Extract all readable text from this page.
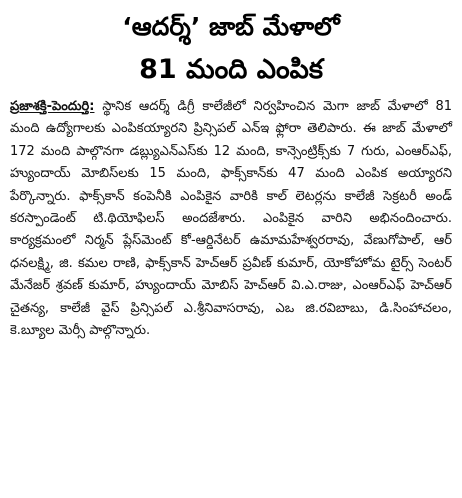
‘ఆదర్శ్‌’ జాబ్‌ మేళాలో
81 మంది ఎంపిక

ప్రజాశక్తి-పెందుర్తి: స్థానిక ఆదర్శ్‌ డిగ్రీ కాలేజీలో నిర్వహించిన మెగా జాబ్‌ మేళాలో 81 మంది ఉద్యోగాలకు ఎంపికయ్యారని ప్రిన్సిపల్‌ ఎన్‌ఇ ఫ్లోరా తెలిపారు. ఈ జాబ్‌ మేళాలో 172 మంది పాల్గొనగా డబ్ల్యుఎన్‌ఎస్‌కు 12 మంది, కాన్సెంట్రిక్స్‌కు 7 గురు, ఎంఆర్‌ఎఫ్‌, హ్యుందాయ్‌ మోబిస్‌లకు 15 మంది, ఫాక్స్‌కాన్‌కు 47 మంది ఎంపిక అయ్యారని పేర్కొన్నారు. ఫాక్స్‌కాన్‌ కంపెనీకి ఎంపికైన వారికి కాల్‌ లెటర్లను కాలేజీ సెక్రటరీ అండ్‌ కరస్పాండెంట్‌ టి.థియోఫిలస్‌ అందజేశారు. ఎంపికైన వారిని అభినందించారు. కార్యక్రమంలో నిర్మన్‌ ప్లేస్‌మెంట్‌ కో-ఆర్డినేటర్‌ ఉమామహేశ్వరరావు, వేణుగోపాల్‌, ఆర్‌ ధనలక్ష్మి, జి. కమల రాణి, ఫాక్స్‌కాన్‌ హెచ్‌ఆర్‌ ప్రవీణ్‌ కుమార్‌, యోకోహోమ టైర్స్‌ సెంటర్‌ మేనేజర్‌ శ్రవణ్‌ కుమార్‌, హ్యుందాయ్‌ మోబిస్‌ హెచ్‌ఆర్‌ వి.ఎ.రాజు, ఎంఆర్‌ఎఫ్‌ హెచ్‌ఆర్‌ చైతన్య, కాలేజీ వైస్‌ ప్రిన్సిపల్‌ ఎ.శ్రీనివాసరావు, ఎఒ జి.రవిబాబు, డి.సింహాచలం, కె.బ్యూల మెర్సీ పాల్గొన్నారు.
